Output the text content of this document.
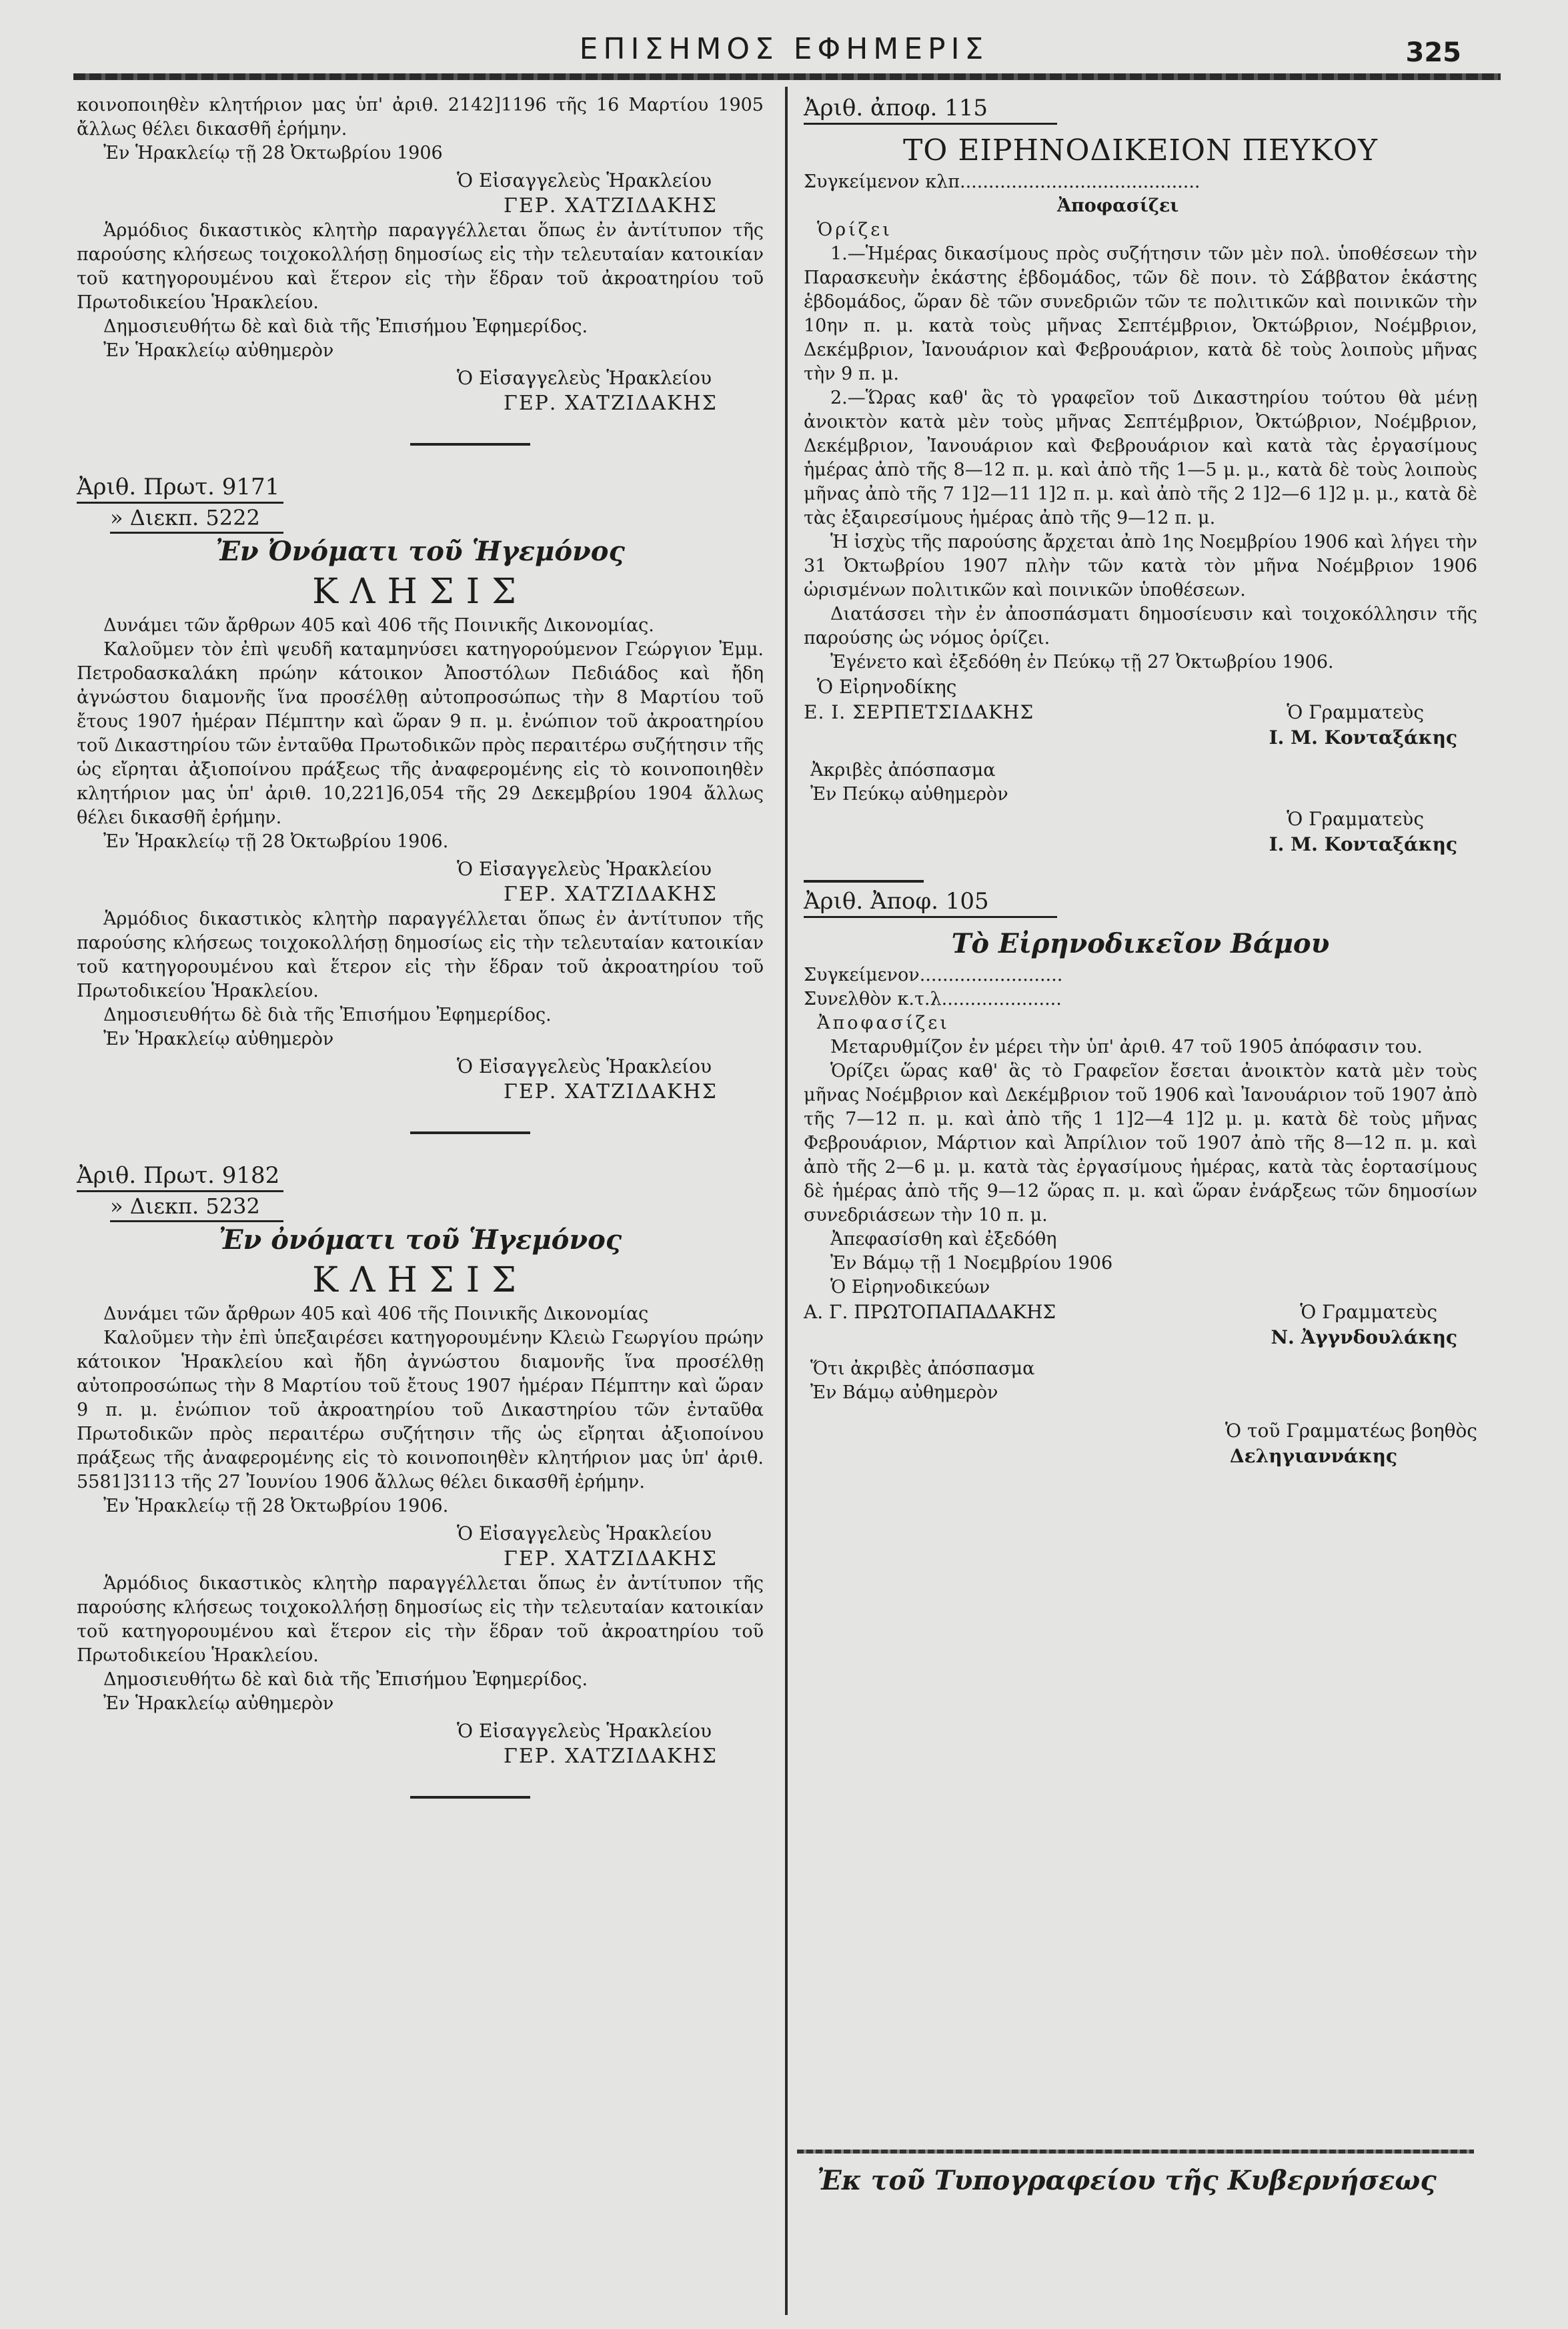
ΕΠΙΣΗΜΟΣ ΕΦΗΜΕΡΙΣ	325

κοινοποιηθὲν κλητήριον μας ὑπ' ἀριθ. 2142]1196 τῆς 16 Μαρτίου 1905 ἄλλως θέλει δικασθῆ ἐρήμην.

Ἐν Ἡρακλείῳ τῇ 28 Ὀκτωβρίου 1906

Ὁ Εἰσαγγελεὺς Ἡρακλείου
ΓΕΡ. ΧΑΤΖΙΔΑΚΗΣ

Ἁρμόδιος δικαστικὸς κλητὴρ παραγγέλλεται ὅπως ἐν ἀντίτυπον τῆς παρούσης κλήσεως τοιχοκολλήσῃ δημοσίως εἰς τὴν τελευταίαν κατοικίαν τοῦ κατηγορουμένου καὶ ἕτερον εἰς τὴν ἕδραν τοῦ ἀκροατηρίου τοῦ Πρωτοδικείου Ἡρακλείου.

Δημοσιευθήτω δὲ καὶ διὰ τῆς Ἐπισήμου Ἐφημερίδος.

Ἐν Ἡρακλείῳ αὐθημερὸν

Ὁ Εἰσαγγελεὺς Ἡρακλείου
ΓΕΡ. ΧΑΤΖΙΔΑΚΗΣ
Ἀριθ. Πρωτ. 9171
» Διεκπ. 5222
Ἐν Ὀνόματι τοῦ Ἡγεμόνος
ΚΛΗΣΙΣ

Δυνάμει τῶν ἄρθρων 405 καὶ 406 τῆς Ποινικῆς Δικονομίας.

Καλοῦμεν τὸν ἐπὶ ψευδῆ καταμηνύσει κατηγορούμενον Γεώργιον Ἐμμ. Πετροδασκαλάκη πρώην κάτοικον Ἀποστόλων Πεδιάδος καὶ ἤδη ἀγνώστου διαμονῆς ἵνα προσέλθῃ αὐτοπροσώπως τὴν 8 Μαρτίου τοῦ ἔτους 1907 ἡμέραν Πέμπτην καὶ ὥραν 9 π. μ. ἐνώπιον τοῦ ἀκροατηρίου τοῦ Δικαστηρίου τῶν ἐνταῦθα Πρωτοδικῶν πρὸς περαιτέρω συζήτησιν τῆς ὡς εἴρηται ἀξιοποίνου πράξεως τῆς ἀναφερομένης εἰς τὸ κοινοποιηθὲν κλητήριον μας ὑπ' ἀριθ. 10,221]6,054 τῆς 29 Δεκεμβρίου 1904 ἄλλως θέλει δικασθῆ ἐρήμην.

Ἐν Ἡρακλείῳ τῇ 28 Ὀκτωβρίου 1906.

Ὁ Εἰσαγγελεὺς Ἡρακλείου
ΓΕΡ. ΧΑΤΖΙΔΑΚΗΣ

Ἁρμόδιος δικαστικὸς κλητὴρ παραγγέλλεται ὅπως ἐν ἀντίτυπον τῆς παρούσης κλήσεως τοιχοκολλήσῃ δημοσίως εἰς τὴν τελευταίαν κατοικίαν τοῦ κατηγορουμένου καὶ ἕτερον εἰς τὴν ἕδραν τοῦ ἀκροατηρίου τοῦ Πρωτοδικείου Ἡρακλείου.

Δημοσιευθήτω δὲ διὰ τῆς Ἐπισήμου Ἐφημερίδος.

Ἐν Ἡρακλείῳ αὐθημερὸν

Ὁ Εἰσαγγελεὺς Ἡρακλείου
ΓΕΡ. ΧΑΤΖΙΔΑΚΗΣ
Ἀριθ. Πρωτ. 9182
» Διεκπ. 5232
Ἐν ὀνόματι τοῦ Ἡγεμόνος
ΚΛΗΣΙΣ

Δυνάμει τῶν ἄρθρων 405 καὶ 406 τῆς Ποινικῆς Δικονομίας

Καλοῦμεν τὴν ἐπὶ ὑπεξαιρέσει κατηγορουμένην Κλειὼ Γεωργίου πρώην κάτοικον Ἡρακλείου καὶ ἤδη ἀγνώστου διαμονῆς ἵνα προσέλθῃ αὐτοπροσώπως τὴν 8 Μαρτίου τοῦ ἔτους 1907 ἡμέραν Πέμπτην καὶ ὥραν 9 π. μ. ἐνώπιον τοῦ ἀκροατηρίου τοῦ Δικαστηρίου τῶν ἐνταῦθα Πρωτοδικῶν πρὸς περαιτέρω συζήτησιν τῆς ὡς εἴρηται ἀξιοποίνου πράξεως τῆς ἀναφερομένης εἰς τὸ κοινοποιηθὲν κλητήριον μας ὑπ' ἀριθ. 5581]3113 τῆς 27 Ἰουνίου 1906 ἄλλως θέλει δικασθῆ ἐρήμην.

Ἐν Ἡρακλείῳ τῇ 28 Ὀκτωβρίου 1906.

Ὁ Εἰσαγγελεὺς Ἡρακλείου
ΓΕΡ. ΧΑΤΖΙΔΑΚΗΣ

Ἁρμόδιος δικαστικὸς κλητὴρ παραγγέλλεται ὅπως ἐν ἀντίτυπον τῆς παρούσης κλήσεως τοιχοκολλήσῃ δημοσίως εἰς τὴν τελευταίαν κατοικίαν τοῦ κατηγορουμένου καὶ ἕτερον εἰς τὴν ἕδραν τοῦ ἀκροατηρίου τοῦ Πρωτοδικείου Ἡρακλείου.

Δημοσιευθήτω δὲ καὶ διὰ τῆς Ἐπισήμου Ἐφημερίδος.

Ἐν Ἡρακλείῳ αὐθημερὸν

Ὁ Εἰσαγγελεὺς Ἡρακλείου
ΓΕΡ. ΧΑΤΖΙΔΑΚΗΣ
Ἀριθ. ἀποφ. 115
ΤΟ ΕΙΡΗΝΟΔΙΚΕΙΟΝ ΠΕΥΚΟΥ

Συγκείμενον κλπ..........................................

Ἀποφασίζει

Ὁρίζει

1.—Ἡμέρας δικασίμους πρὸς συζήτησιν τῶν μὲν πολ. ὑποθέσεων τὴν Παρασκευὴν ἑκάστης ἑβδομάδος, τῶν δὲ ποιν. τὸ Σάββατον ἑκάστης ἑβδομάδος, ὥραν δὲ τῶν συνεδριῶν τῶν τε πολιτικῶν καὶ ποινικῶν τὴν 10ην π. μ. κατὰ τοὺς μῆνας Σεπτέμβριον, Ὀκτώβριον, Νοέμβριον, Δεκέμβριον, Ἰανουάριον καὶ Φεβρουάριον, κατὰ δὲ τοὺς λοιποὺς μῆνας τὴν 9 π. μ.

2.—Ὥρας καθ' ἃς τὸ γραφεῖον τοῦ Δικαστηρίου τούτου θὰ μένῃ ἀνοικτὸν κατὰ μὲν τοὺς μῆνας Σεπτέμβριον, Ὀκτώβριον, Νοέμβριον, Δεκέμβριον, Ἰανουάριον καὶ Φεβρουάριον καὶ κατὰ τὰς ἐργασίμους ἡμέρας ἀπὸ τῆς 8—12 π. μ. καὶ ἀπὸ τῆς 1—5 μ. μ., κατὰ δὲ τοὺς λοιποὺς μῆνας ἀπὸ τῆς 7 1]2—11 1]2 π. μ. καὶ ἀπὸ τῆς 2 1]2—6 1]2 μ. μ., κατὰ δὲ τὰς ἑξαιρεσίμους ἡμέρας ἀπὸ τῆς 9—12 π. μ.

Ἡ ἰσχὺς τῆς παρούσης ἄρχεται ἀπὸ 1ης Νοεμβρίου 1906 καὶ λήγει τὴν 31 Ὀκτωβρίου 1907 πλὴν τῶν κατὰ τὸν μῆνα Νοέμβριον 1906 ὡρισμένων πολιτικῶν καὶ ποινικῶν ὑποθέσεων.

Διατάσσει τὴν ἐν ἀποσπάσματι δημοσίευσιν καὶ τοιχοκόλλησιν τῆς παρούσης ὡς νόμος ὁρίζει.

Ἐγένετο καὶ ἐξεδόθη ἐν Πεύκῳ τῇ 27 Ὀκτωβρίου 1906.

Ὁ Εἰρηνοδίκης
Ε. Ι. ΣΕΡΠΕΤΣΙΔΑΚΗΣ	Ὁ Γραμματεὺς
Ι. Μ. Κονταξάκης

Ἀκριβὲς ἀπόσπασμα

Ἐν Πεύκῳ αὐθημερὸν

Ὁ Γραμματεὺς
Ι. Μ. Κονταξάκης
Ἀριθ. Ἀποφ. 105
Τὸ Εἰρηνοδικεῖον Βάμου

Συγκείμενον.........................

Συνελθὸν κ.τ.λ.....................

Ἀποφασίζει

Μεταρυθμίζον ἐν μέρει τὴν ὑπ' ἀριθ. 47 τοῦ 1905 ἀπόφασιν του.

Ὁρίζει ὥρας καθ' ἃς τὸ Γραφεῖον ἔσεται ἀνοικτὸν κατὰ μὲν τοὺς μῆνας Νοέμβριον καὶ Δεκέμβριον τοῦ 1906 καὶ Ἰανουάριον τοῦ 1907 ἀπὸ τῆς 7—12 π. μ. καὶ ἀπὸ τῆς 1 1]2—4 1]2 μ. μ. κατὰ δὲ τοὺς μῆνας Φεβρουάριον, Μάρτιον καὶ Ἀπρίλιον τοῦ 1907 ἀπὸ τῆς 8—12 π. μ. καὶ ἀπὸ τῆς 2—6 μ. μ. κατὰ τὰς ἐργασίμους ἡμέρας, κατὰ τὰς ἑορτασίμους δὲ ἡμέρας ἀπὸ τῆς 9—12 ὥρας π. μ. καὶ ὥραν ἐνάρξεως τῶν δημοσίων συνεδριάσεων τὴν 10 π. μ.

Ἀπεφασίσθη καὶ ἐξεδόθη

Ἐν Βάμῳ τῇ 1 Νοεμβρίου 1906

Ὁ Εἰρηνοδικεύων

Α. Γ. ΠΡΩΤΟΠΑΠΑΔΑΚΗΣ	Ὁ Γραμματεὺς
Ν. Ἀγγνδουλάκης

Ὅτι ἀκριβὲς ἀπόσπασμα

Ἐν Βάμῳ αὐθημερὸν

Ὁ τοῦ Γραμματέως βοηθὸς
Δεληγιαννάκης
Ἐκ τοῦ Τυπογραφείου τῆς Κυβερνήσεως
